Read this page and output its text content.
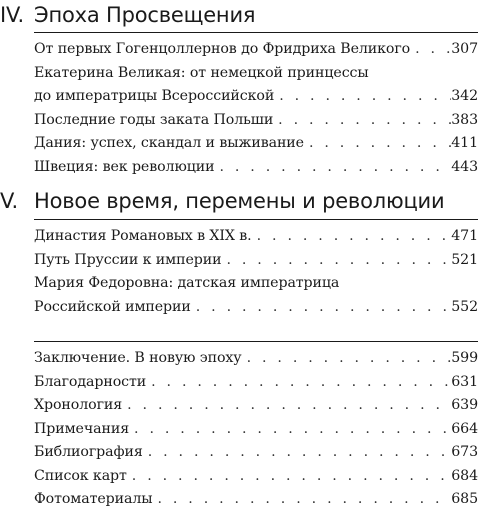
IV. Эпоха Просвещения
От первых Гогенцоллернов до Фридриха Великого . . .	307
Екатерина Великая: от немецкой принцессы
до императрицы Всероссийской . . .	342
Последние годы заката Польши . . .	383
Дания: успех, скандал и выживание . . .	411
Швеция: век революции . . .	443
V. Новое время, перемены и революции
Династия Романовых в XIX в. . . .	471
Путь Пруссии к империи . . .	521
Мария Федоровна: датская императрица
Российской империи . . .	552
Заключение. В новую эпоху . . .	599
Благодарности . . .	631
Хронология . . .	639
Примечания . . .	664
Библиография . . .	673
Список карт . . .	684
Фотоматериалы . . .	685
